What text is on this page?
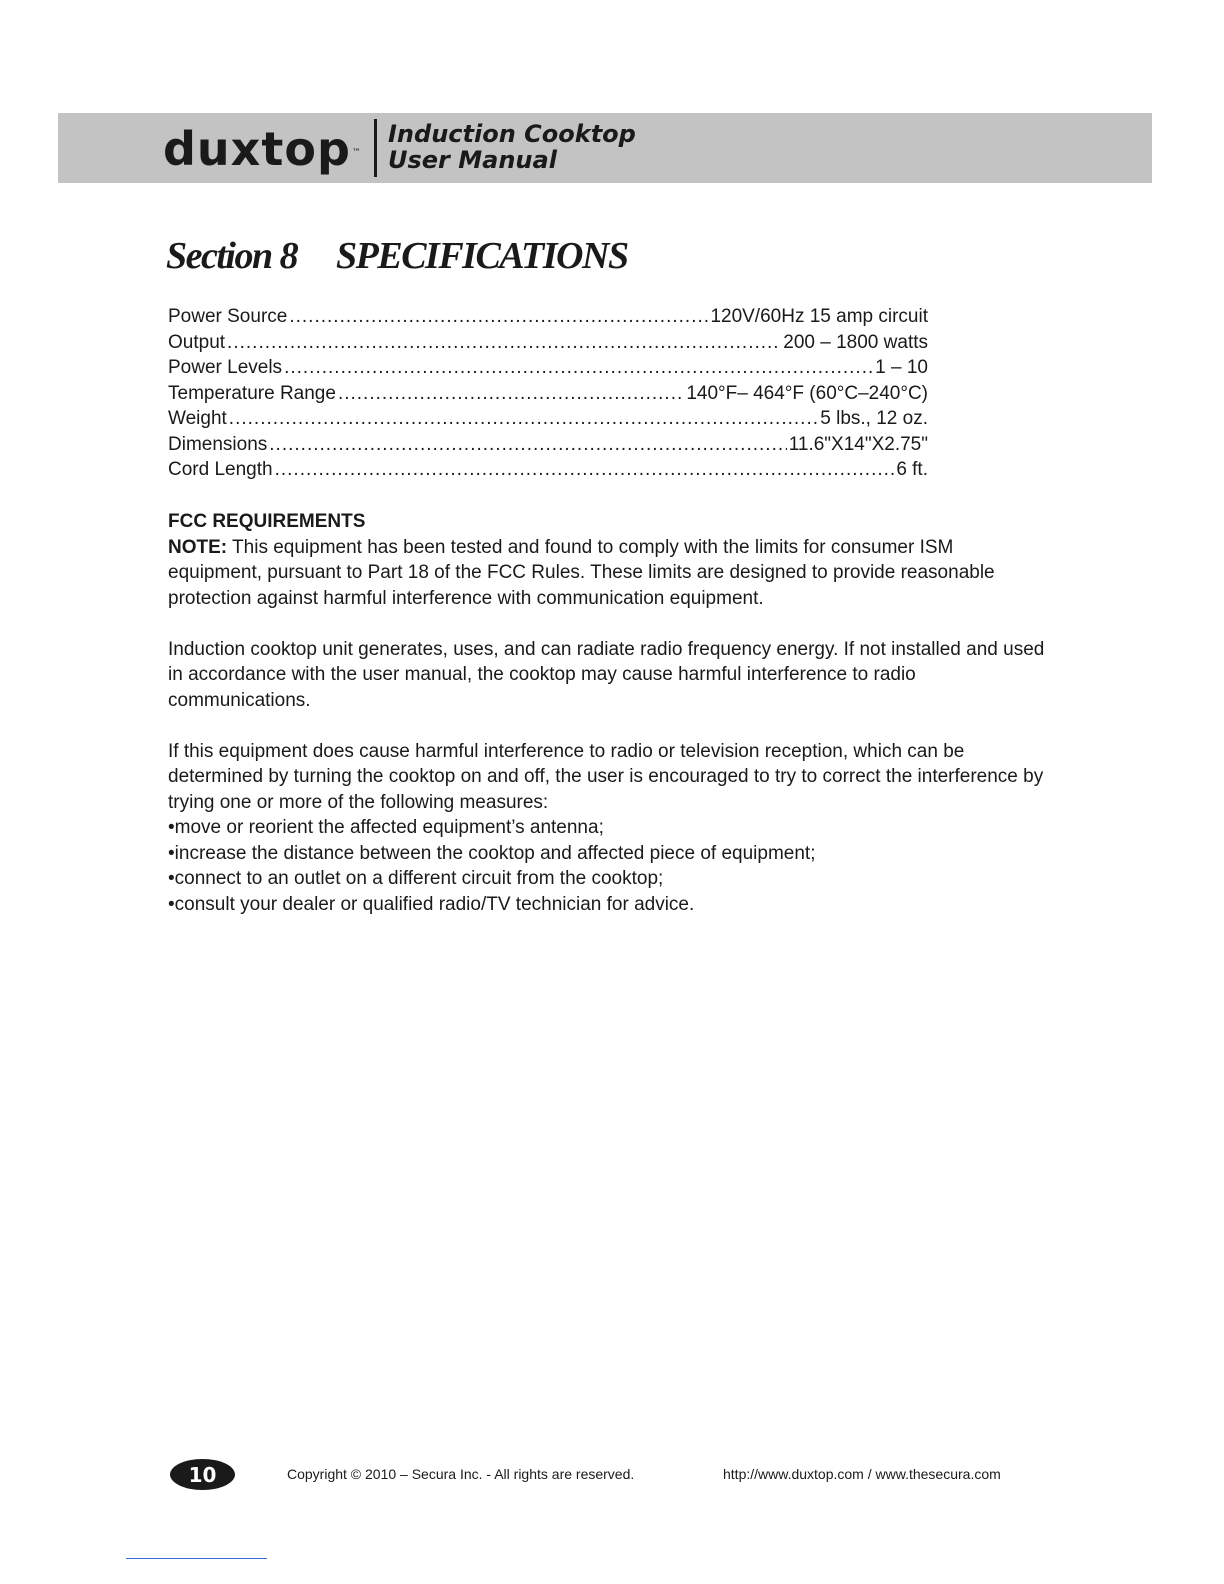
duxtop ™
Induction Cooktop
User Manual
Section 8 SPECIFICATIONS
Power Source .....	120V/60Hz 15 amp circuit
Output .....	200 – 1800 watts
Power Levels .....	1 – 10
Temperature Range .....	140°F– 464°F (60°C–240°C)
Weight .....	5 lbs., 12 oz.
Dimensions .....	11.6"X14"X2.75"
Cord Length .....	6 ft.

FCC REQUIREMENTS

NOTE: This equipment has been tested and found to comply with the limits for consumer ISM equipment, pursuant to Part 18 of the FCC Rules. These limits are designed to provide reasonable protection against harmful interference with communication equipment.

Induction cooktop unit generates, uses, and can radiate radio frequency energy. If not installed and used in accordance with the user manual, the cooktop may cause harmful interference to radio communications.

If this equipment does cause harmful interference to radio or television reception, which can be determined by turning the cooktop on and off, the user is encouraged to try to correct the interference by trying one or more of the following measures:

• move or reorient the affected equipment’s antenna;
• increase the distance between the cooktop and affected piece of equipment;
• connect to an outlet on a different circuit from the cooktop;
• consult your dealer or qualified radio/TV technician for advice.
10	Copyright © 2010 – Secura Inc. - All rights are reserved.	http://www.duxtop.com / www.thesecura.com
